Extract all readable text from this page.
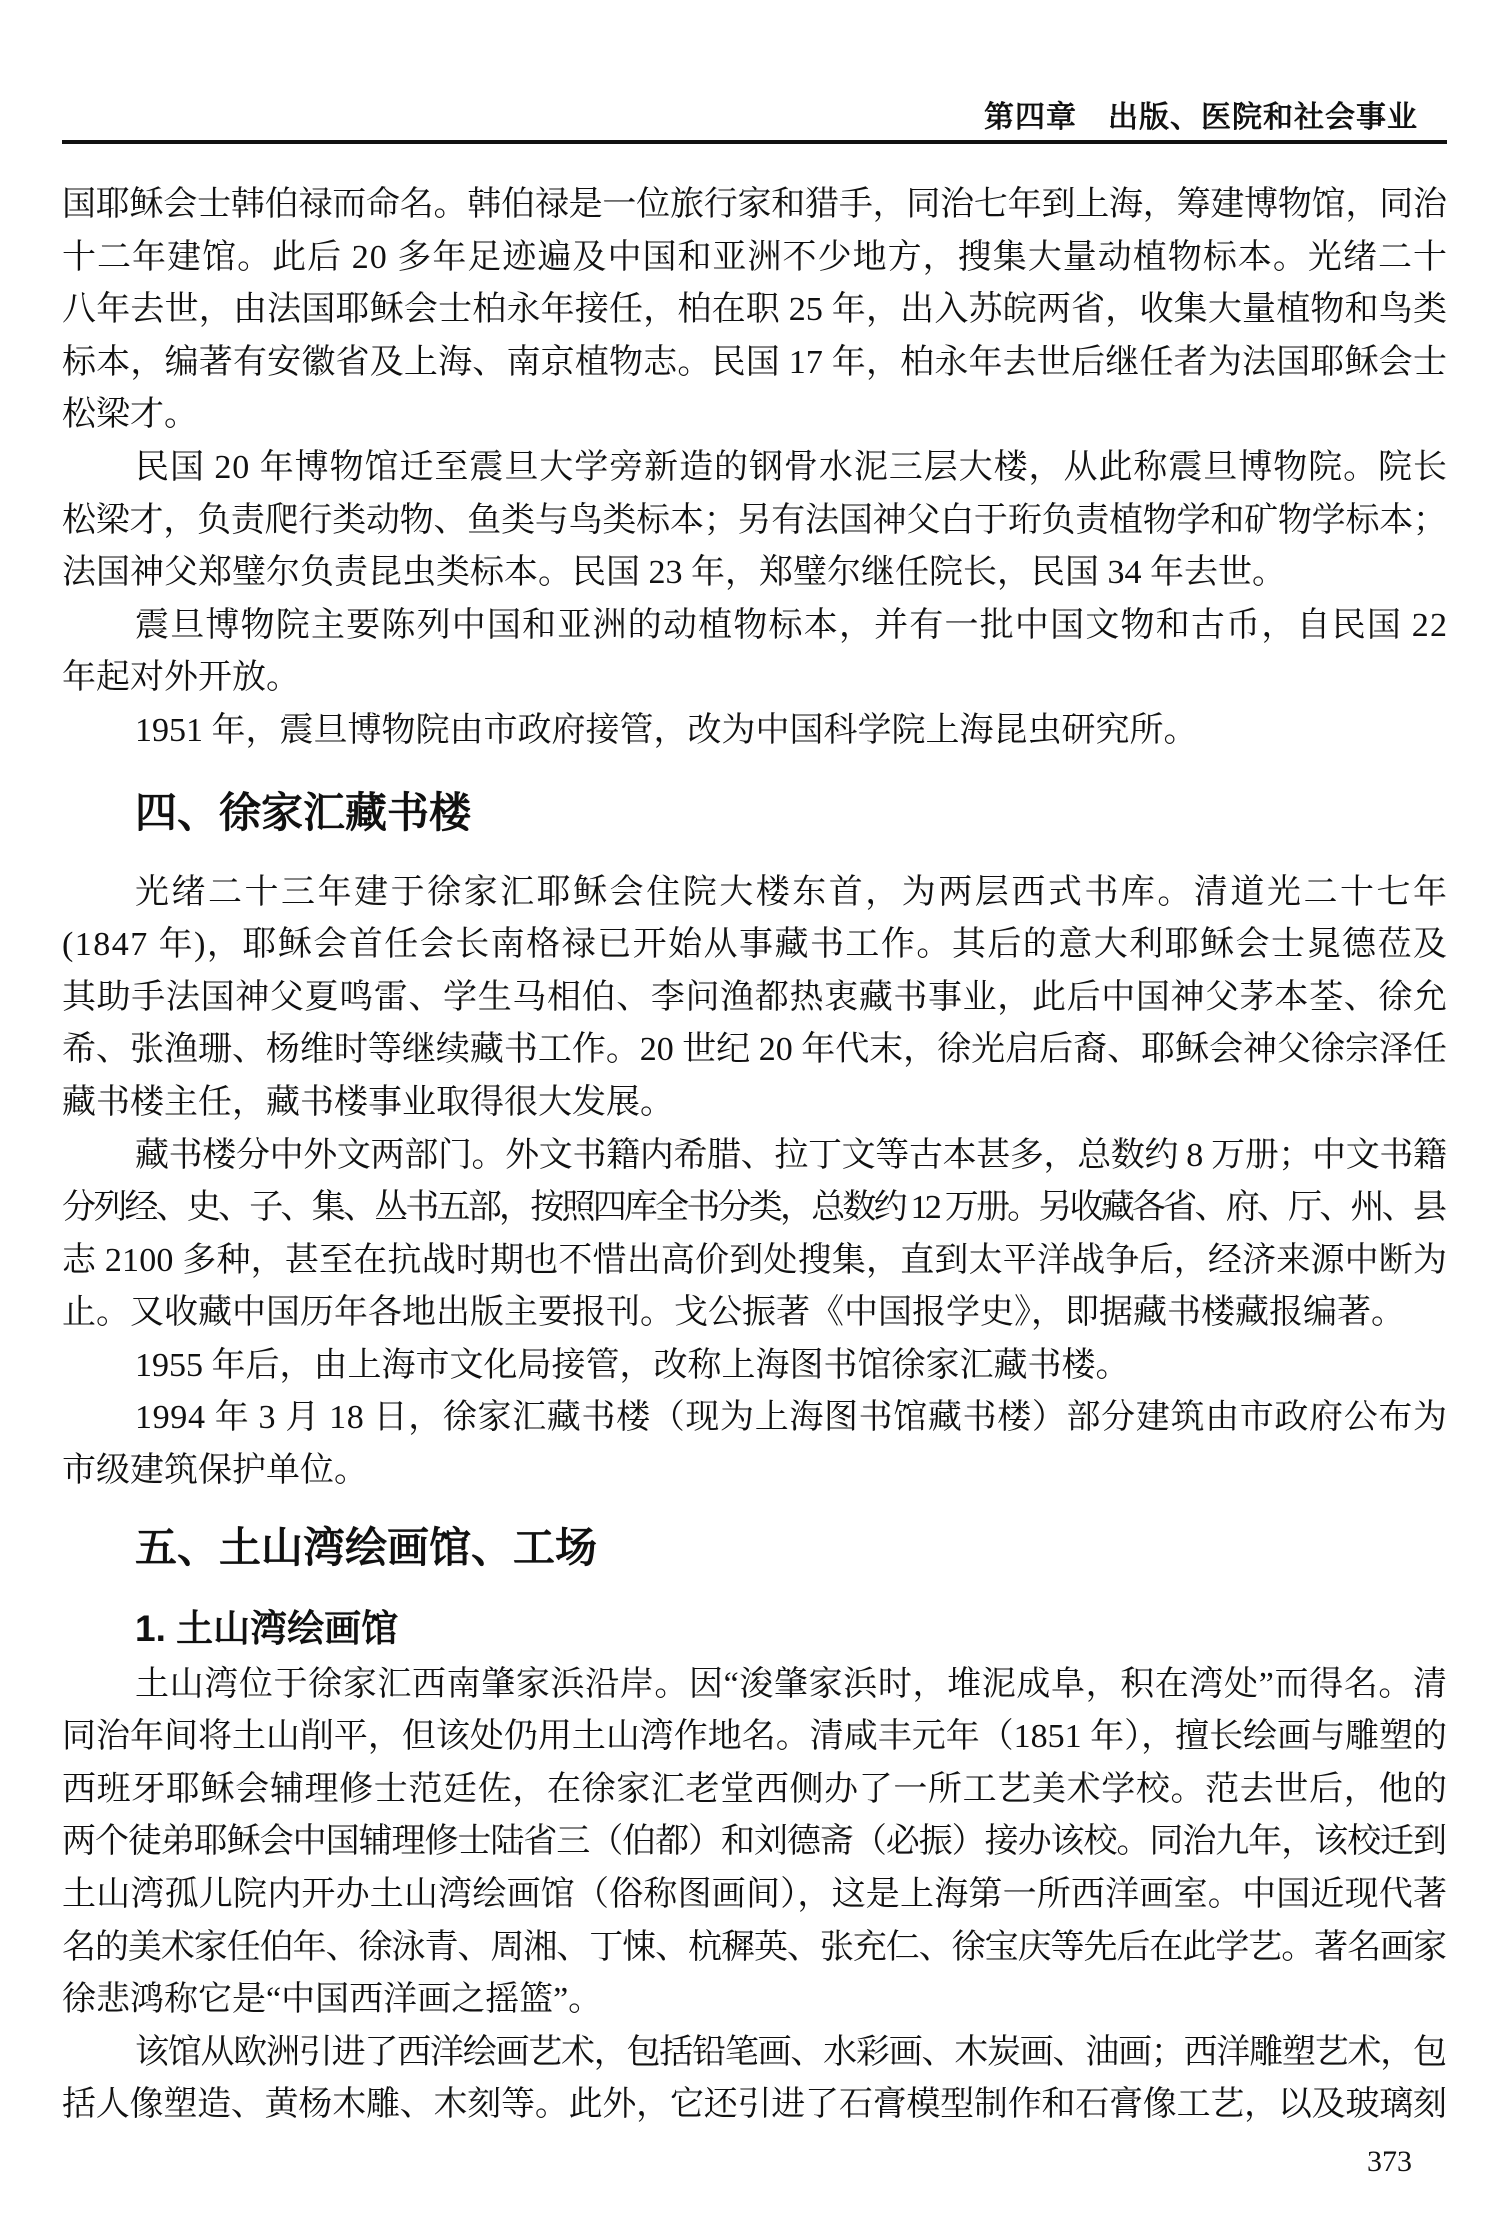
第四章　出版、医院和社会事业
国耶稣会士韩伯禄而命名。韩伯禄是一位旅行家和猎手，同治七年到上海，筹建博物馆，同治
十二年建馆。此后 20 多年足迹遍及中国和亚洲不少地方，搜集大量动植物标本。光绪二十
八年去世，由法国耶稣会士柏永年接任，柏在职 25 年，出入苏皖两省，收集大量植物和鸟类
标本，编著有安徽省及上海、南京植物志。民国 17 年，柏永年去世后继任者为法国耶稣会士
松梁才。
民国 20 年博物馆迁至震旦大学旁新造的钢骨水泥三层大楼，从此称震旦博物院。院长
松梁才，负责爬行类动物、鱼类与鸟类标本；另有法国神父白于珩负责植物学和矿物学标本；
法国神父郑璧尔负责昆虫类标本。民国 23 年，郑璧尔继任院长，民国 34 年去世。
震旦博物院主要陈列中国和亚洲的动植物标本，并有一批中国文物和古币，自民国 22
年起对外开放。
1951 年，震旦博物院由市政府接管，改为中国科学院上海昆虫研究所。
四、徐家汇藏书楼
光绪二十三年建于徐家汇耶稣会住院大楼东首，为两层西式书库。清道光二十七年
(1847 年)，耶稣会首任会长南格禄已开始从事藏书工作。其后的意大利耶稣会士晁德莅及
其助手法国神父夏鸣雷、学生马相伯、李问渔都热衷藏书事业，此后中国神父茅本荃、徐允
希、张渔珊、杨维时等继续藏书工作。20 世纪 20 年代末，徐光启后裔、耶稣会神父徐宗泽任
藏书楼主任，藏书楼事业取得很大发展。
藏书楼分中外文两部门。外文书籍内希腊、拉丁文等古本甚多，总数约 8 万册；中文书籍
分列经、史、子、集、丛书五部，按照四库全书分类，总数约 12 万册。另收藏各省、府、厅、州、县
志 2100 多种，甚至在抗战时期也不惜出高价到处搜集，直到太平洋战争后，经济来源中断为
止。又收藏中国历年各地出版主要报刊。戈公振著《中国报学史》，即据藏书楼藏报编著。
1955 年后，由上海市文化局接管，改称上海图书馆徐家汇藏书楼。
1994 年 3 月 18 日，徐家汇藏书楼（现为上海图书馆藏书楼）部分建筑由市政府公布为
市级建筑保护单位。
五、土山湾绘画馆、工场
1. 土山湾绘画馆
土山湾位于徐家汇西南肇家浜沿岸。因“浚肇家浜时，堆泥成阜，积在湾处”而得名。清
同治年间将土山削平，但该处仍用土山湾作地名。清咸丰元年（1851 年），擅长绘画与雕塑的
西班牙耶稣会辅理修士范廷佐，在徐家汇老堂西侧办了一所工艺美术学校。范去世后，他的
两个徒弟耶稣会中国辅理修士陆省三（伯都）和刘德斋（必振）接办该校。同治九年，该校迁到
土山湾孤儿院内开办土山湾绘画馆（俗称图画间），这是上海第一所西洋画室。中国近现代著
名的美术家任伯年、徐泳青、周湘、丁悚、杭穉英、张充仁、徐宝庆等先后在此学艺。著名画家
徐悲鸿称它是“中国西洋画之摇篮”。
该馆从欧洲引进了西洋绘画艺术，包括铅笔画、水彩画、木炭画、油画；西洋雕塑艺术，包
括人像塑造、黄杨木雕、木刻等。此外，它还引进了石膏模型制作和石膏像工艺，以及玻璃刻
373
